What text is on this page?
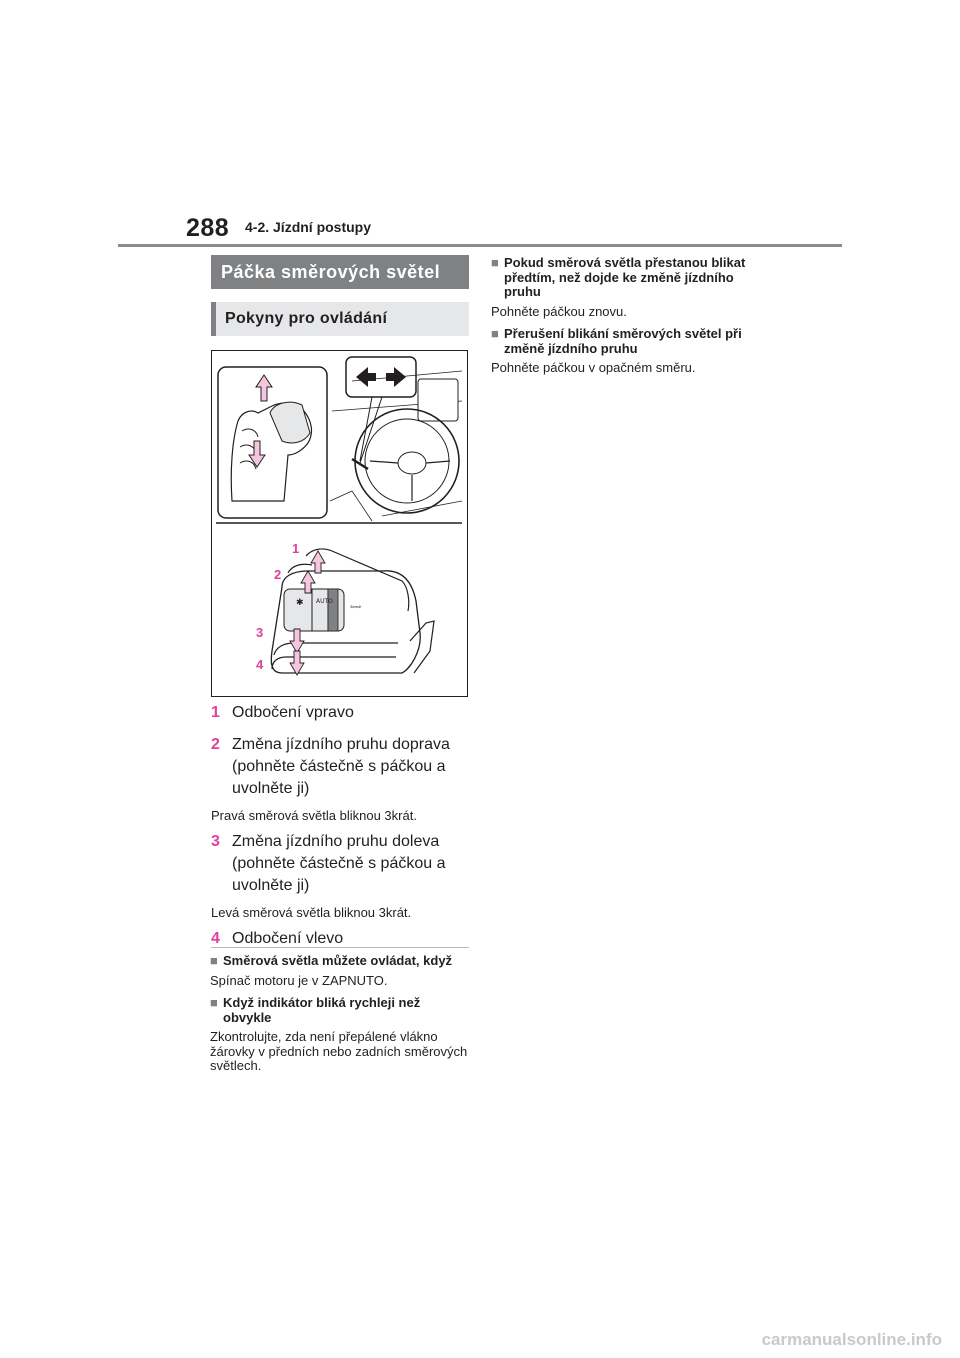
288 4-2. Jízdní postupy
Páčka směrových světel
Pokyny pro ovládání
✱ AUTO
⇦⇨
1
2
3
4
1 Odbočení vpravo
2 Změna jízdního pruhu doprava (pohněte částečně s páčkou a uvolněte ji)
Pravá směrová světla bliknou 3krát.
3 Změna jízdního pruhu doleva (pohněte částečně s páčkou a uvolněte ji)
Levá směrová světla bliknou 3krát.
4 Odbočení vlevo
■ Směrová světla můžete ovládat, když
Spínač motoru je v ZAPNUTO.
■ Když indikátor bliká rychleji než obvykle
Zkontrolujte, zda není přepálené vlákno žárovky v předních nebo zadních směrových světlech.
■ Pokud směrová světla přestanou blikat předtím, než dojde ke změně jízdního pruhu
Pohněte páčkou znovu.
■ Přerušení blikání směrových světel při změně jízdního pruhu
Pohněte páčkou v opačném směru.
carmanualsonline.info
